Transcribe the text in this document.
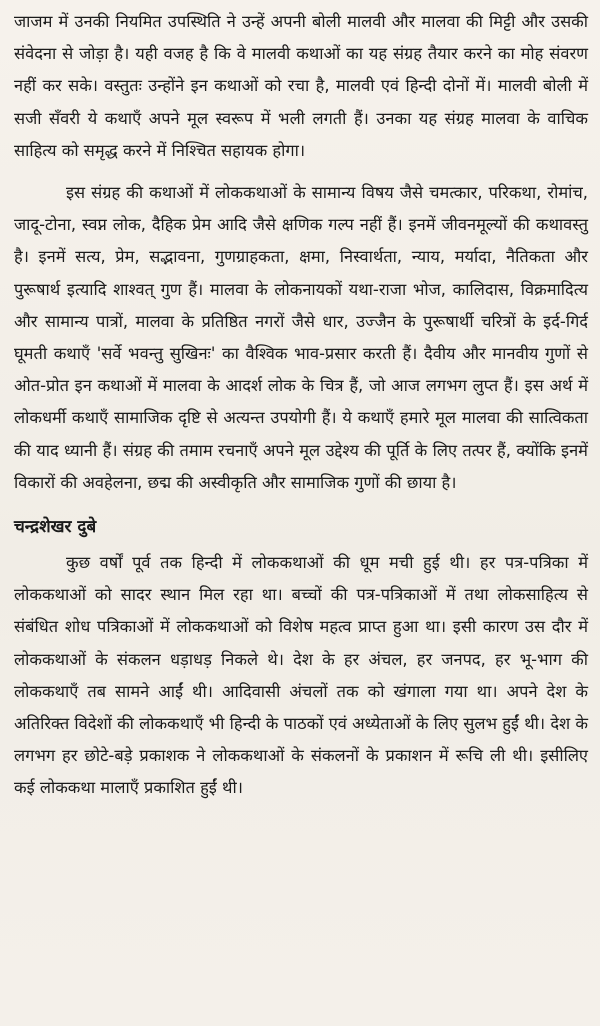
जाजम में उनकी नियमित उपस्थिति ने उन्हें अपनी बोली मालवी और मालवा की मिट्टी और उसकी संवेदना से जोड़ा है। यही वजह है कि वे मालवी कथाओं का यह संग्रह तैयार करने का मोह संवरण नहीं कर सके। वस्तुतः उन्होंने इन कथाओं को रचा है, मालवी एवं हिन्दी दोनों में। मालवी बोली में सजी सँवरी ये कथाएँ अपने मूल स्वरूप में भली लगती हैं। उनका यह संग्रह मालवा के वाचिक साहित्य को समृद्ध करने में निश्चित सहायक होगा।

इस संग्रह की कथाओं में लोककथाओं के सामान्य विषय जैसे चमत्कार, परिकथा, रोमांच, जादू-टोना, स्वप्न लोक, दैहिक प्रेम आदि जैसे क्षणिक गल्प नहीं हैं। इनमें जीवनमूल्यों की कथावस्तु है। इनमें सत्य, प्रेम, सद्भावना, गुणग्राहकता, क्षमा, निस्वार्थता, न्याय, मर्यादा, नैतिकता और पुरूषार्थ इत्यादि शाश्वत् गुण हैं। मालवा के लोकनायकों यथा-राजा भोज, कालिदास, विक्रमादित्य और सामान्य पात्रों, मालवा के प्रतिष्ठित नगरों जैसे धार, उज्जैन के पुरूषार्थी चरित्रों के इर्द-गिर्द घूमती कथाएँ 'सर्वे भवन्तु सुखिनः' का वैश्विक भाव-प्रसार करती हैं। दैवीय और मानवीय गुणों से ओत-प्रोत इन कथाओं में मालवा के आदर्श लोक के चित्र हैं, जो आज लगभग लुप्त हैं। इस अर्थ में लोकधर्मी कथाएँ सामाजिक दृष्टि से अत्यन्त उपयोगी हैं। ये कथाएँ हमारे मूल मालवा की सात्विकता की याद ध्यानी हैं। संग्रह की तमाम रचनाएँ अपने मूल उद्देश्य की पूर्ति के लिए तत्पर हैं, क्योंकि इनमें विकारों की अवहेलना, छद्म की अस्वीकृति और सामाजिक गुणों की छाया है।

चन्द्रशेखर दुबे

कुछ वर्षों पूर्व तक हिन्दी में लोककथाओं की धूम मची हुई थी। हर पत्र-पत्रिका में लोककथाओं को सादर स्थान मिल रहा था। बच्चों की पत्र-पत्रिकाओं में तथा लोकसाहित्य से संबंधित शोध पत्रिकाओं में लोककथाओं को विशेष महत्व प्राप्त हुआ था। इसी कारण उस दौर में लोककथाओं के संकलन धड़ाधड़ निकले थे। देश के हर अंचल, हर जनपद, हर भू-भाग की लोककथाएँ तब सामने आईं थी। आदिवासी अंचलों तक को खंगाला गया था। अपने देश के अतिरिक्त विदेशों की लोककथाएँ भी हिन्दी के पाठकों एवं अध्येताओं के लिए सुलभ हुईं थी। देश के लगभग हर छोटे-बड़े प्रकाशक ने लोककथाओं के संकलनों के प्रकाशन में रूचि ली थी। इसीलिए कई लोककथा मालाएँ प्रकाशित हुईं थी।
